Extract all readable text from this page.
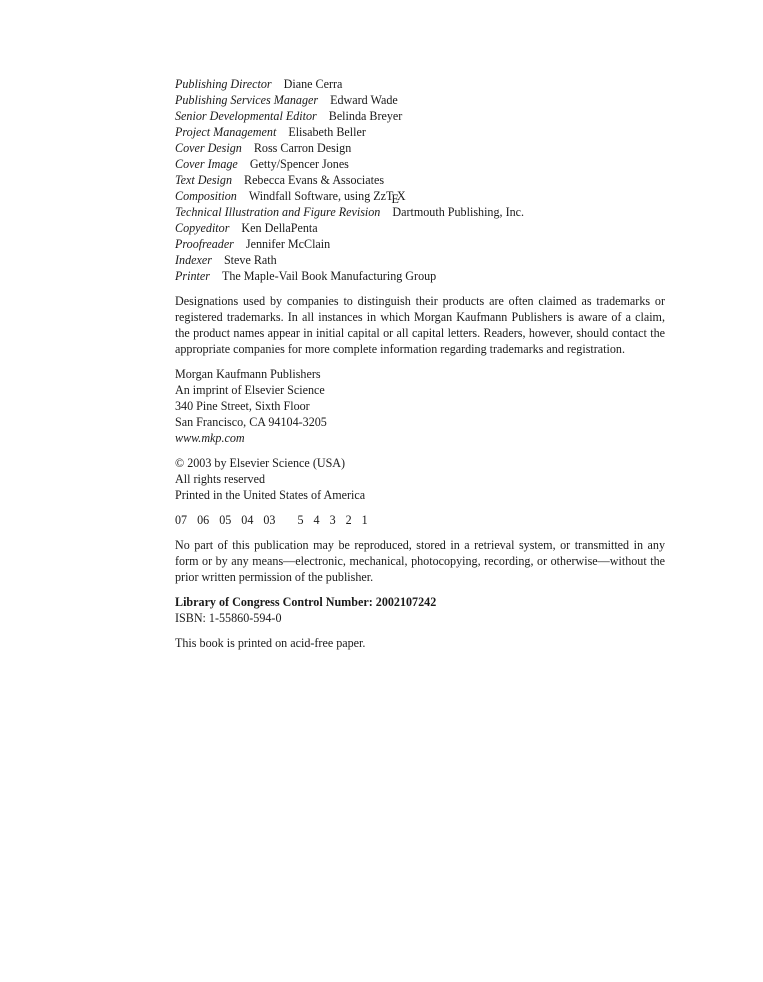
Publishing Director Diane Cerra
Publishing Services Manager Edward Wade
Senior Developmental Editor Belinda Breyer
Project Management Elisabeth Beller
Cover Design Ross Carron Design
Cover Image Getty/Spencer Jones
Text Design Rebecca Evans & Associates
Composition Windfall Software, using ZzTEX
Technical Illustration and Figure Revision Dartmouth Publishing, Inc.
Copyeditor Ken DellaPenta
Proofreader Jennifer McClain
Indexer Steve Rath
Printer The Maple-Vail Book Manufacturing Group

Designations used by companies to distinguish their products are often claimed as trademarks or registered trademarks. In all instances in which Morgan Kaufmann Publishers is aware of a claim, the product names appear in initial capital or all capital letters. Readers, however, should contact the appropriate companies for more complete information regarding trademarks and registration.

Morgan Kaufmann Publishers
An imprint of Elsevier Science
340 Pine Street, Sixth Floor
San Francisco, CA 94104-3205
www.mkp.com
© 2003 by Elsevier Science (USA)
All rights reserved
Printed in the United States of America
07 06 05 04 03 5 4 3 2 1

No part of this publication may be reproduced, stored in a retrieval system, or transmitted in any form or by any means—electronic, mechanical, photocopying, recording, or otherwise—without the prior written permission of the publisher.

Library of Congress Control Number: 2002107242
ISBN: 1-55860-594-0
This book is printed on acid-free paper.
